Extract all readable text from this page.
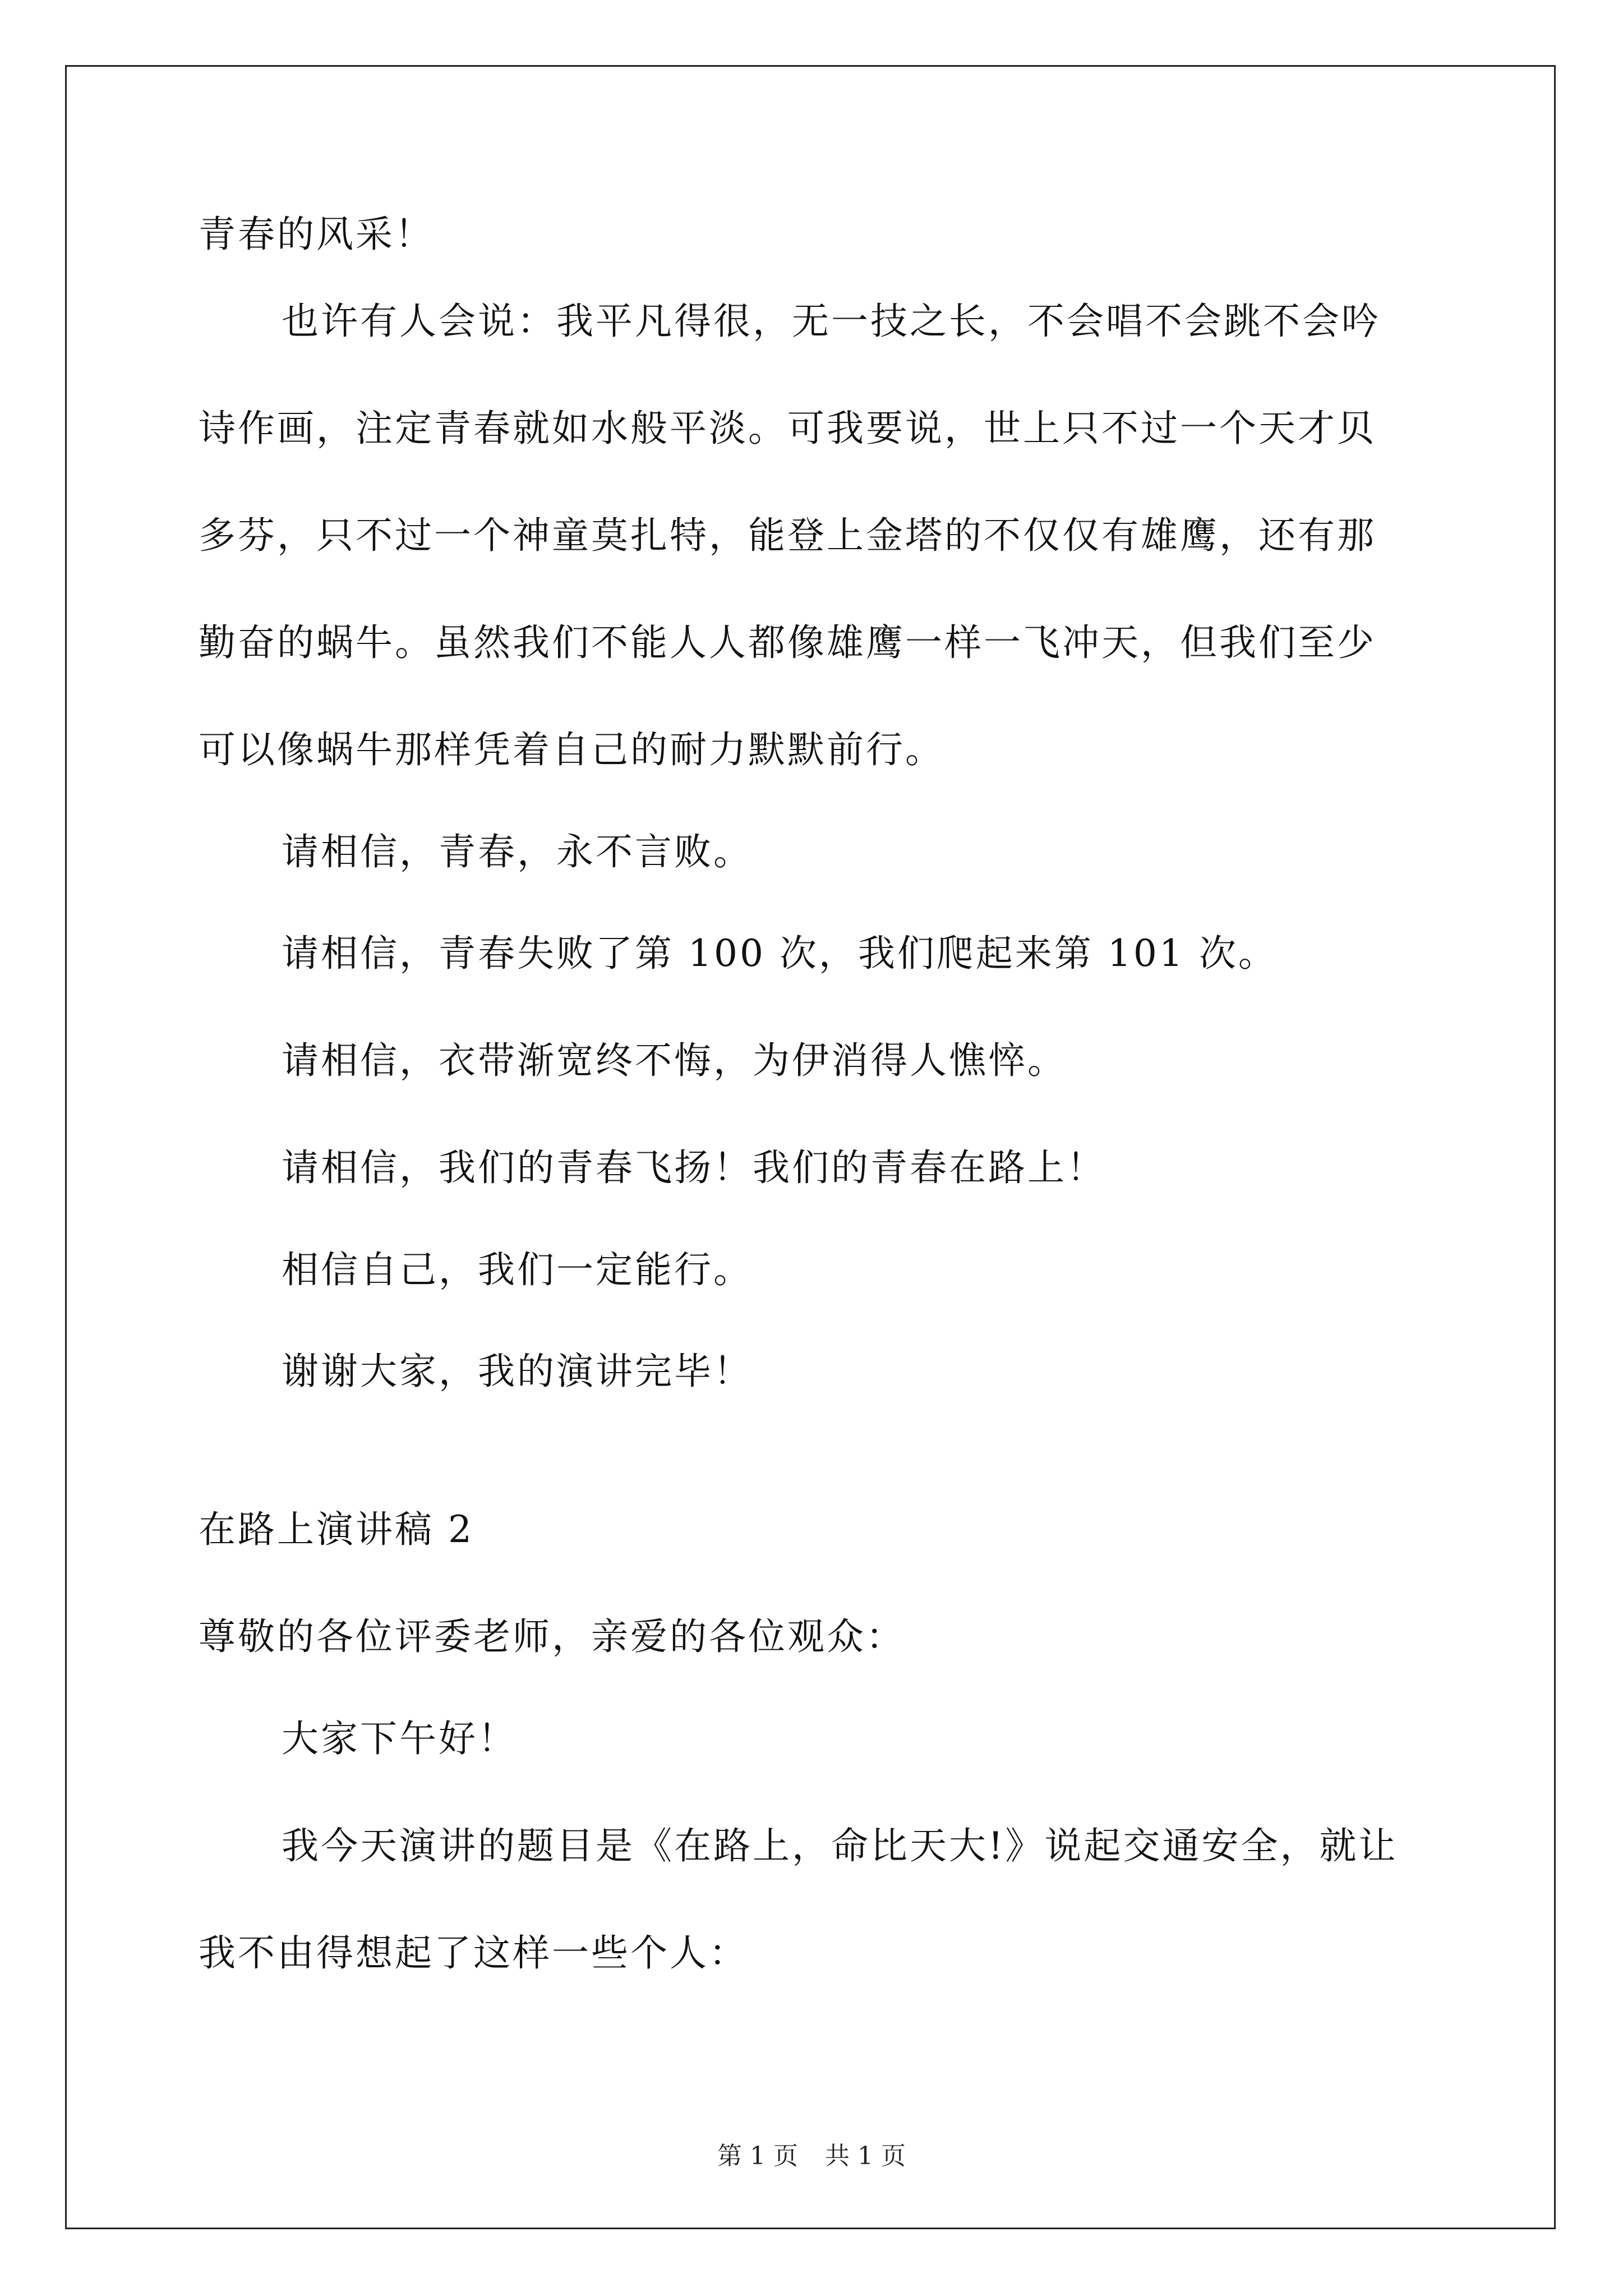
青春的风采！
也许有人会说：我平凡得很，无一技之长，不会唱不会跳不会吟
诗作画，注定青春就如水般平淡。可我要说，世上只不过一个天才贝
多芬，只不过一个神童莫扎特，能登上金塔的不仅仅有雄鹰，还有那
勤奋的蜗牛。虽然我们不能人人都像雄鹰一样一飞冲天，但我们至少
可以像蜗牛那样凭着自己的耐力默默前行。
请相信，青春，永不言败。
请相信，青春失败了第 100 次，我们爬起来第 101 次。
请相信，衣带渐宽终不悔，为伊消得人憔悴。
请相信，我们的青春飞扬！我们的青春在路上！
相信自己，我们一定能行。
谢谢大家，我的演讲完毕！
在路上演讲稿 2
尊敬的各位评委老师，亲爱的各位观众：
大家下午好！
我今天演讲的题目是《在路上，命比天大!》说起交通安全，就让
我不由得想起了这样一些个人：
第 1 页 共 1 页
